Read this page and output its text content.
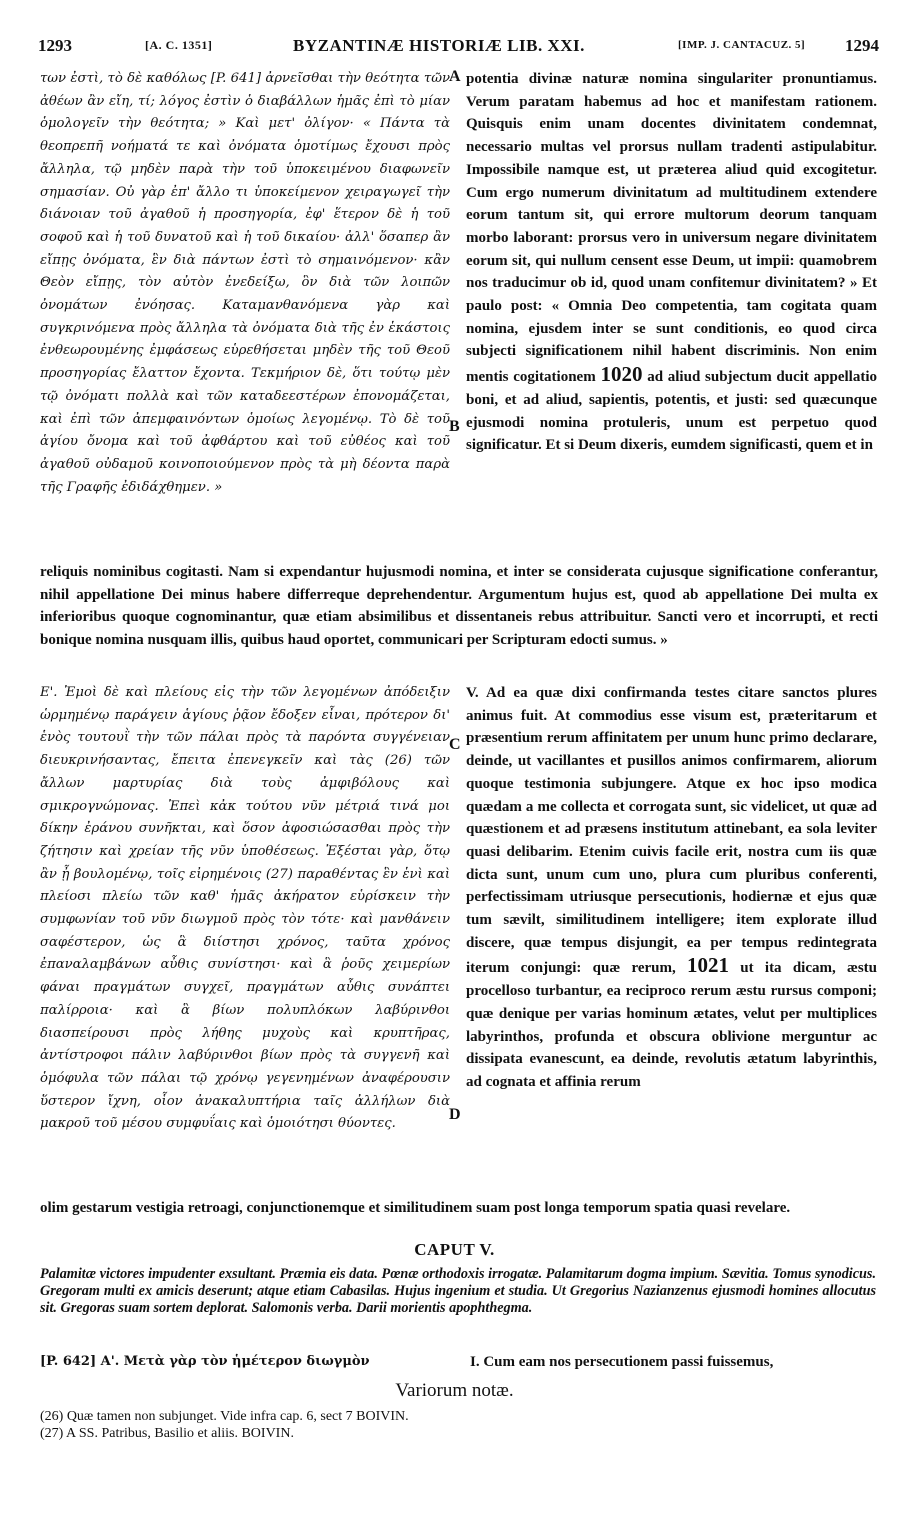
1293	[A. C. 1351]	BYZANTINÆ HISTORIÆ LIB. XXI.	[IMP. J. CANTACUZ. 5] 1294

των ἐστὶ, τὸ δὲ καθόλως [P. 641] ἀρνεῖσθαι τὴν θεότητα τῶν ἀθέων ἂν εἴη, τί; λόγος ἐστὶν ὁ διαβάλλων ἡμᾶς ἐπὶ τὸ μίαν ὁμολογεῖν τὴν θεότητα; » Καὶ μετ' ὀλίγον· « Πάντα τὰ θεοπρεπῆ νοήματά τε καὶ ὀνόματα ὁμοτίμως ἔχουσι πρὸς ἄλληλα, τῷ μηδὲν παρὰ τὴν τοῦ ὑποκειμένου διαφωνεῖν σημασίαν. Οὐ γὰρ ἐπ' ἄλλο τι ὑποκείμενον χειραγωγεῖ τὴν διάνοιαν τοῦ ἀγαθοῦ ἡ προσηγορία, ἐφ' ἕτερον δὲ ἡ τοῦ σοφοῦ καὶ ἡ τοῦ δυνατοῦ καὶ ἡ τοῦ δικαίου· ἀλλ' ὅσαπερ ἂν εἴπῃς ὀνόματα, ἓν διὰ πάντων ἐστὶ τὸ σημαινόμενον· κἂν Θεὸν εἴπῃς, τὸν αὐτὸν ἐνεδείξω, ὃν διὰ τῶν λοιπῶν ὀνομάτων ἐνόησας. Καταμανθανόμενα γὰρ καὶ συγκρινόμενα πρὸς ἄλληλα τὰ ὀνόματα διὰ τῆς ἐν ἑκάστοις ἐνθεωρουμένης ἐμφάσεως εὑρεθήσεται μηδὲν τῆς τοῦ Θεοῦ προσηγορίας ἔλαττον ἔχοντα. Τεκμήριον δὲ, ὅτι τούτῳ μὲν τῷ ὀνόματι πολλὰ καὶ τῶν καταδεεστέρων ἐπονομάζεται, καὶ ἐπὶ τῶν ἀπεμφαινόντων ὁμοίως λεγομένῳ. Τὸ δὲ τοῦ ἁγίου ὄνομα καὶ τοῦ ἀφθάρτου καὶ τοῦ εὐθέος καὶ τοῦ ἀγαθοῦ οὐδαμοῦ κοινοποιούμενον πρὸς τὰ μὴ δέοντα παρὰ τῆς Γραφῆς ἐδιδάχθημεν. »

potentia divinæ naturæ nomina singulariter pronuntiamus. Verum paratam habemus ad hoc et manifestam rationem. Quisquis enim unam docentes divinitatem condemnat, necessario multas vel prorsus nullam tradenti astipulabitur. Impossibile namque est, ut præterea aliud quid excogitetur. Cum ergo numerum divinitatum ad multitudinem extendere eorum tantum sit, qui errore multorum deorum tanquam morbo laborant: prorsus vero in universum negare divinitatem eorum sit, qui nullum censent esse Deum, ut impii: quamobrem nos traducimur ob id, quod unam confitemur divinitatem? » Et paulo post: « Omnia Deo competentia, tam cogitata quam nomina, ejusdem inter se sunt conditionis, eo quod circa subjecti significationem nihil habent discriminis. Non enim mentis cogitationem 1020 ad aliud subjectum ducit appellatio boni, et ad aliud, sapientis, potentis, et justi: sed quæcunque ejusmodi nomina protuleris, unum est perpetuo quod significatur. Et si Deum dixeris, eumdem significasti, quem et in

reliquis nominibus cogitasti. Nam si expendantur hujusmodi nomina, et inter se considerata cujusque significatione conferantur, nihil appellatione Dei minus habere differreque deprehendentur. Argumentum hujus est, quod ab appellatione Dei multa ex inferioribus quoque cognominantur, quæ etiam absimilibus et dissentaneis rebus attribuitur. Sancti vero et incorrupti, et recti bonique nomina nusquam illis, quibus haud oportet, communicari per Scripturam edocti sumus. »

Ε'. Ἐμοὶ δὲ καὶ πλείους εἰς τὴν τῶν λεγομένων ἀπόδειξιν ὡρμημένῳ παράγειν ἁγίους ῥᾷον ἔδοξεν εἶναι, πρότερον δι' ἑνὸς τουτουῒ τὴν τῶν πάλαι πρὸς τὰ παρόντα συγγένειαν διευκρινήσαντας, ἔπειτα ἐπενεγκεῖν καὶ τὰς (26) τῶν ἄλλων μαρτυρίας διὰ τοὺς ἀμφιβόλους καὶ σμικρογνώμονας. Ἐπεὶ κἀκ τούτου νῦν μέτριά τινά μοι δίκην ἐράνου συνῆκται, καὶ ὅσον ἀφοσιώσασθαι πρὸς τὴν ζήτησιν καὶ χρείαν τῆς νῦν ὑποθέσεως. Ἐξέσται γὰρ, ὅτῳ ἂν ᾖ βουλομένῳ, τοῖς εἰρημένοις (27) παραθέντας ἓν ἑνὶ καὶ πλείοσι πλείω τῶν καθ' ἡμᾶς ἀκήρατον εὑρίσκειν τὴν συμφωνίαν τοῦ νῦν διωγμοῦ πρὸς τὸν τότε· καὶ μανθάνειν σαφέστερον, ὡς ἃ διίστησι χρόνος, ταῦτα χρόνος ἐπαναλαμβάνων αὖθις συνίστησι· καὶ ἃ ῥοῦς χειμερίων φάναι πραγμάτων συγχεῖ, πραγμάτων αὖθις συνάπτει παλίρροια· καὶ ἃ βίων πολυπλόκων λαβύρινθοι διασπείρουσι πρὸς λήθης μυχοὺς καὶ κρυπτῆρας, ἀντίστροφοι πάλιν λαβύρινθοι βίων πρὸς τὰ συγγενῆ καὶ ὁμόφυλα τῶν πάλαι τῷ χρόνῳ γεγενημένων ἀναφέρουσιν ὕστερον ἴχνη, οἷον ἀνακαλυπτήρια ταῖς ἀλλήλων διὰ μακροῦ τοῦ μέσου συμφυΐαις καὶ ὁμοιότησι θύοντες.

V. Ad ea quæ dixi confirmanda testes citare sanctos plures animus fuit. At commodius esse visum est, præteritarum et præsentium rerum affinitatem per unum hunc primo declarare, deinde, ut vacillantes et pusillos animos confirmarem, aliorum quoque testimonia subjungere. Atque ex hoc ipso modica quædam a me collecta et corrogata sunt, sic videlicet, ut quæ ad quæstionem et ad præsens institutum attinebant, ea sola leviter quasi delibarim. Etenim cuivis facile erit, nostra cum iis quæ dicta sunt, unum cum uno, plura cum pluribus conferenti, perfectissimam utriusque persecutionis, hodiernæ et ejus quæ tum sævilt, similitudinem intelligere; item explorate illud discere, quæ tempus disjungit, ea per tempus redintegrata iterum conjungi: quæ rerum, 1021 ut ita dicam, æstu procelloso turbantur, ea reciproco rerum æstu rursus componi; quæ denique per varias hominum ætates, velut per multiplices labyrinthos, profunda et obscura oblivione merguntur ac dissipata evanescunt, ea deinde, revolutis ætatum labyrinthis, ad cognata et affinia rerum

olim gestarum vestigia retroagi, conjunctionemque et similitudinem suam post longa temporum spatia quasi revelare.

A
B
C
D
CAPUT V.
Palamitæ victores impudenter exsultant. Præmia eis data. Pœnæ orthodoxis irrogatæ. Palamitarum dogma impium. Sævitia. Tomus synodicus. Gregoram multi ex amicis deserunt; atque etiam Cabasilas. Hujus ingenium et studia. Ut Gregorius Nazianzenus ejusmodi homines allocutus sit. Gregoras suam sortem deplorat. Salomonis verba. Darii morientis apophthegma.
[P. 642] Α'. Μετὰ γὰρ τὸν ἡμέτερον διωγμὸν	I. Cum eam nos persecutionem passi fuissemus,
Variorum notæ.
(26) Quæ tamen non subjunget. Vide infra cap. 6, sect 7 BOIVIN.
(27) A SS. Patribus, Basilio et aliis. BOIVIN.
